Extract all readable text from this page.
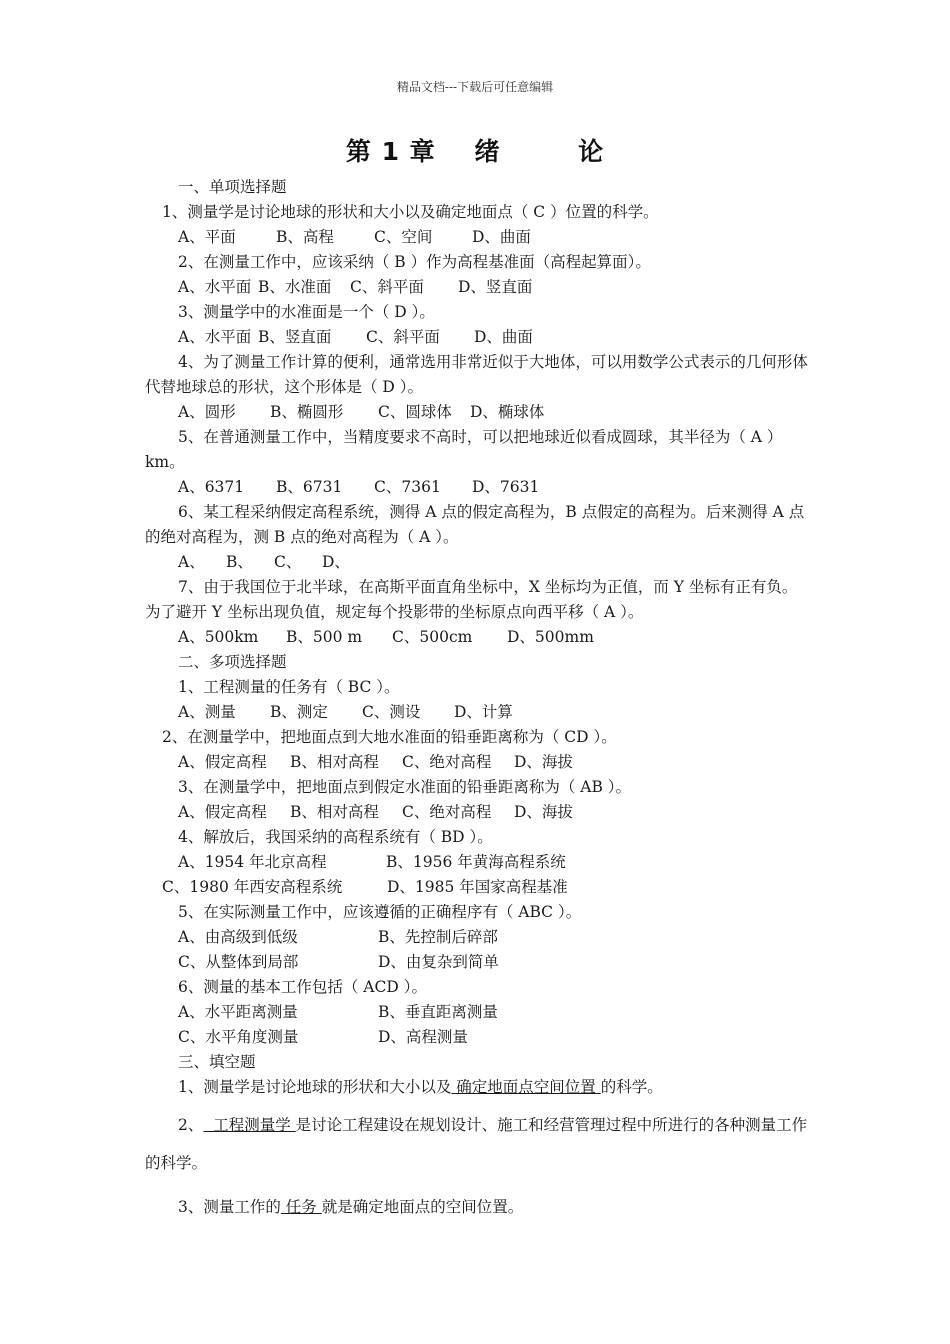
精品文档---下载后可任意编辑
第 1 章    绪        论
一、单项选择题
1、测量学是讨论地球的形状和大小以及确定地面点（ C ）位置的科学。
A、平面	B、高程	C、空间	D、曲面
2、在测量工作中，应该采纳（ B ）作为高程基准面（高程起算面）。
A、水平面 B、水准面 C、斜平面 D、竖直面
3、测量学中的水准面是一个（ D ）。
A、水平面 B、竖直面 C、斜平面 D、曲面
4、为了测量工作计算的便利，通常选用非常近似于大地体，可以用数学公式表示的几何形体代替地球总的形状，这个形体是（ D ）。
A、圆形 B、椭圆形 C、圆球体 D、椭球体
5、在普通测量工作中，当精度要求不高时，可以把地球近似看成圆球，其半径为（ A ）km。
A、6371 B、6731 C、7361 D、7631
6、某工程采纳假定高程系统，测得 A 点的假定高程为，B 点假定的高程为。后来测得 A 点的绝对高程为，测 B 点的绝对高程为（ A ）。
A、 B、 C、 D、
7、由于我国位于北半球，在高斯平面直角坐标中，X 坐标均为正值，而 Y 坐标有正有负。 为了避开 Y 坐标出现负值，规定每个投影带的坐标原点向西平移（ A ）。
A、500km B、500 m C、500cm D、500mm
二、多项选择题
1、工程测量的任务有（ BC ）。
A、测量 B、测定 C、测设 D、计算
2、在测量学中，把地面点到大地水准面的铅垂距离称为（ CD ）。
A、假定高程 B、相对高程 C、绝对高程 D、海拔
3、在测量学中，把地面点到假定水准面的铅垂距离称为（ AB ）。
A、假定高程 B、相对高程 C、绝对高程 D、海拔
4、解放后，我国采纳的高程系统有（ BD ）。
A、1954 年北京高程	B、1956 年黄海高程系统
C、1980 年西安高程系统	D、1985 年国家高程基准
5、在实际测量工作中，应该遵循的正确程序有（ ABC ）。
A、由高级到低级	B、先控制后碎部
C、从整体到局部	D、由复杂到简单
6、测量的基本工作包括（ ACD ）。
A、水平距离测量	B、垂直距离测量
C、水平角度测量	D、高程测量
三、填空题
1、测量学是讨论地球的形状和大小以及 确定地面点空间位置 的科学。
2、  工程测量学 是讨论工程建设在规划设计、施工和经营管理过程中所进行的各种测量工作的科学。
3、测量工作的 任务 就是确定地面点的空间位置。
